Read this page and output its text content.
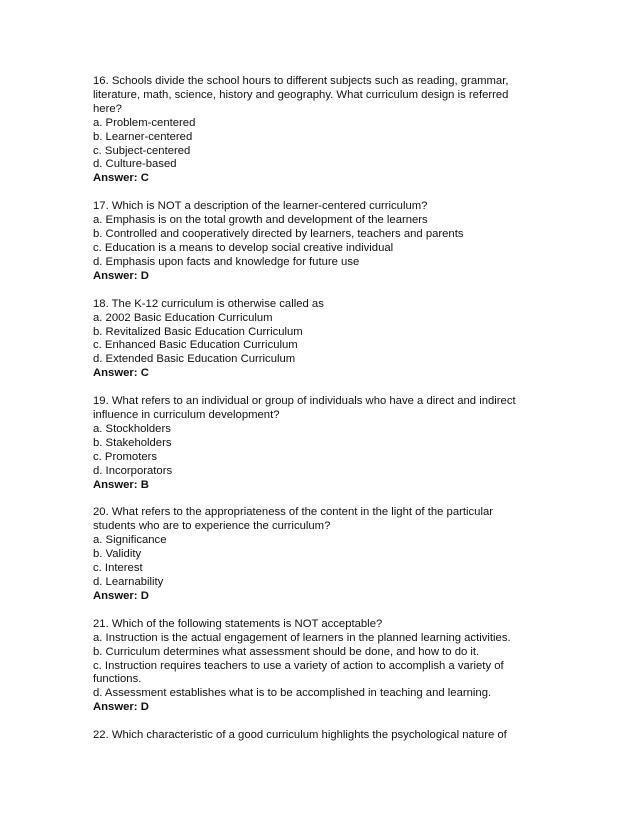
16. Schools divide the school hours to different subjects such as reading, grammar,
literature, math, science, history and geography. What curriculum design is referred
here?
a. Problem-centered
b. Learner-centered
c. Subject-centered
d. Culture-based
Answer: C
17. Which is NOT a description of the learner-centered curriculum?
a. Emphasis is on the total growth and development of the learners
b. Controlled and cooperatively directed by learners, teachers and parents
c. Education is a means to develop social creative individual
d. Emphasis upon facts and knowledge for future use
Answer: D
18. The K-12 curriculum is otherwise called as
a. 2002 Basic Education Curriculum
b. Revitalized Basic Education Curriculum
c. Enhanced Basic Education Curriculum
d. Extended Basic Education Curriculum
Answer: C
19. What refers to an individual or group of individuals who have a direct and indirect
influence in curriculum development?
a. Stockholders
b. Stakeholders
c. Promoters
d. Incorporators
Answer: B
20. What refers to the appropriateness of the content in the light of the particular
students who are to experience the curriculum?
a. Significance
b. Validity
c. Interest
d. Learnability
Answer: D
21. Which of the following statements is NOT acceptable?
a. Instruction is the actual engagement of learners in the planned learning activities.
b. Curriculum determines what assessment should be done, and how to do it.
c. Instruction requires teachers to use a variety of action to accomplish a variety of
functions.
d. Assessment establishes what is to be accomplished in teaching and learning.
Answer: D
22. Which characteristic of a good curriculum highlights the psychological nature of
